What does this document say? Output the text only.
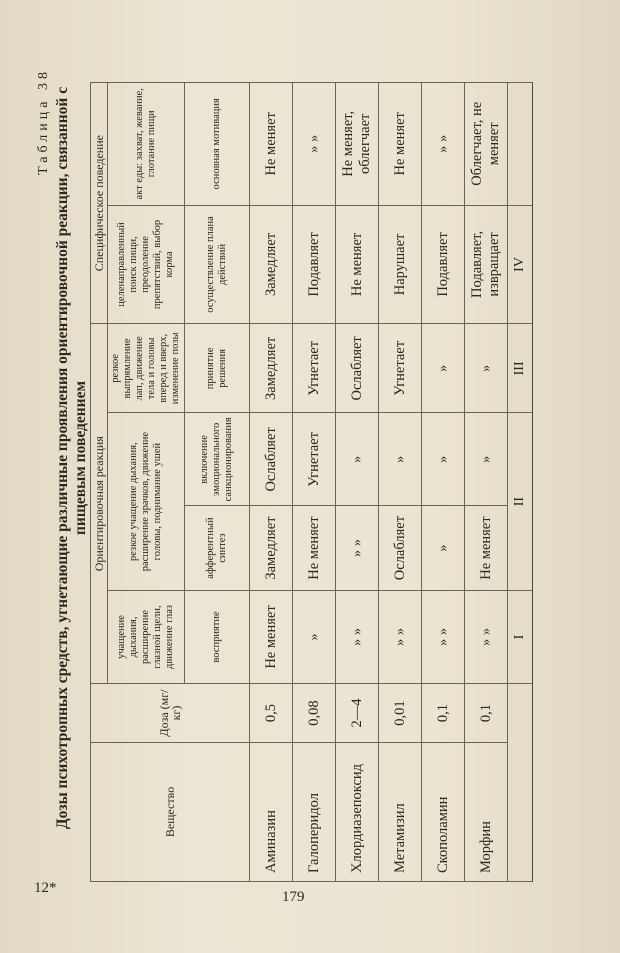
Таблица 38 Дозы психотропных средств, угнетающие различные проявления ориентировочной реакции, связанной с пищевым поведением
Вещество	Доза (мг/кг)	Ориентировочная реакция				Специфическое поведение	
		учащение дыхания, расширение глазной щели, движение глаз	резкое учащение дыхания, расширение зрачков, движение головы, поднимание ушей		резкое выпрямление лап, движение тела и головы вперед и вверх, изменение позы	целенаправленный поиск пищи, преодоление препятствий, выбор корма	акт еды: захват, жевание, глотание пищи
		восприятие	афферентный синтез	включение эмоционального санкционирования	принятие решения	осуществление плана действий	основная мотивация
Аминазин	0,5	Не меняет	Замедляет	Ослабляет	Замедляет	Замедляет	Не меняет
Галоперидол	0,08	»	Не меняет	Угнетает	Угнетает	Подавляет	» »
Хлордиазепоксид	2—4	» »	» »	»	Ослабляет	Не меняет	Не меняет, облегчает
Метамизил	0,01	» »	Ослабляет	»	Угнетает	Нарушает	Не меняет
Скополамин	0,1	» »	»	»	»	Подавляет	» »
Морфин	0,1	» »	Не меняет	»	»	Подавляет, извращает	Облегчает, не меняет
		I	II		III	IV	
12*
179
